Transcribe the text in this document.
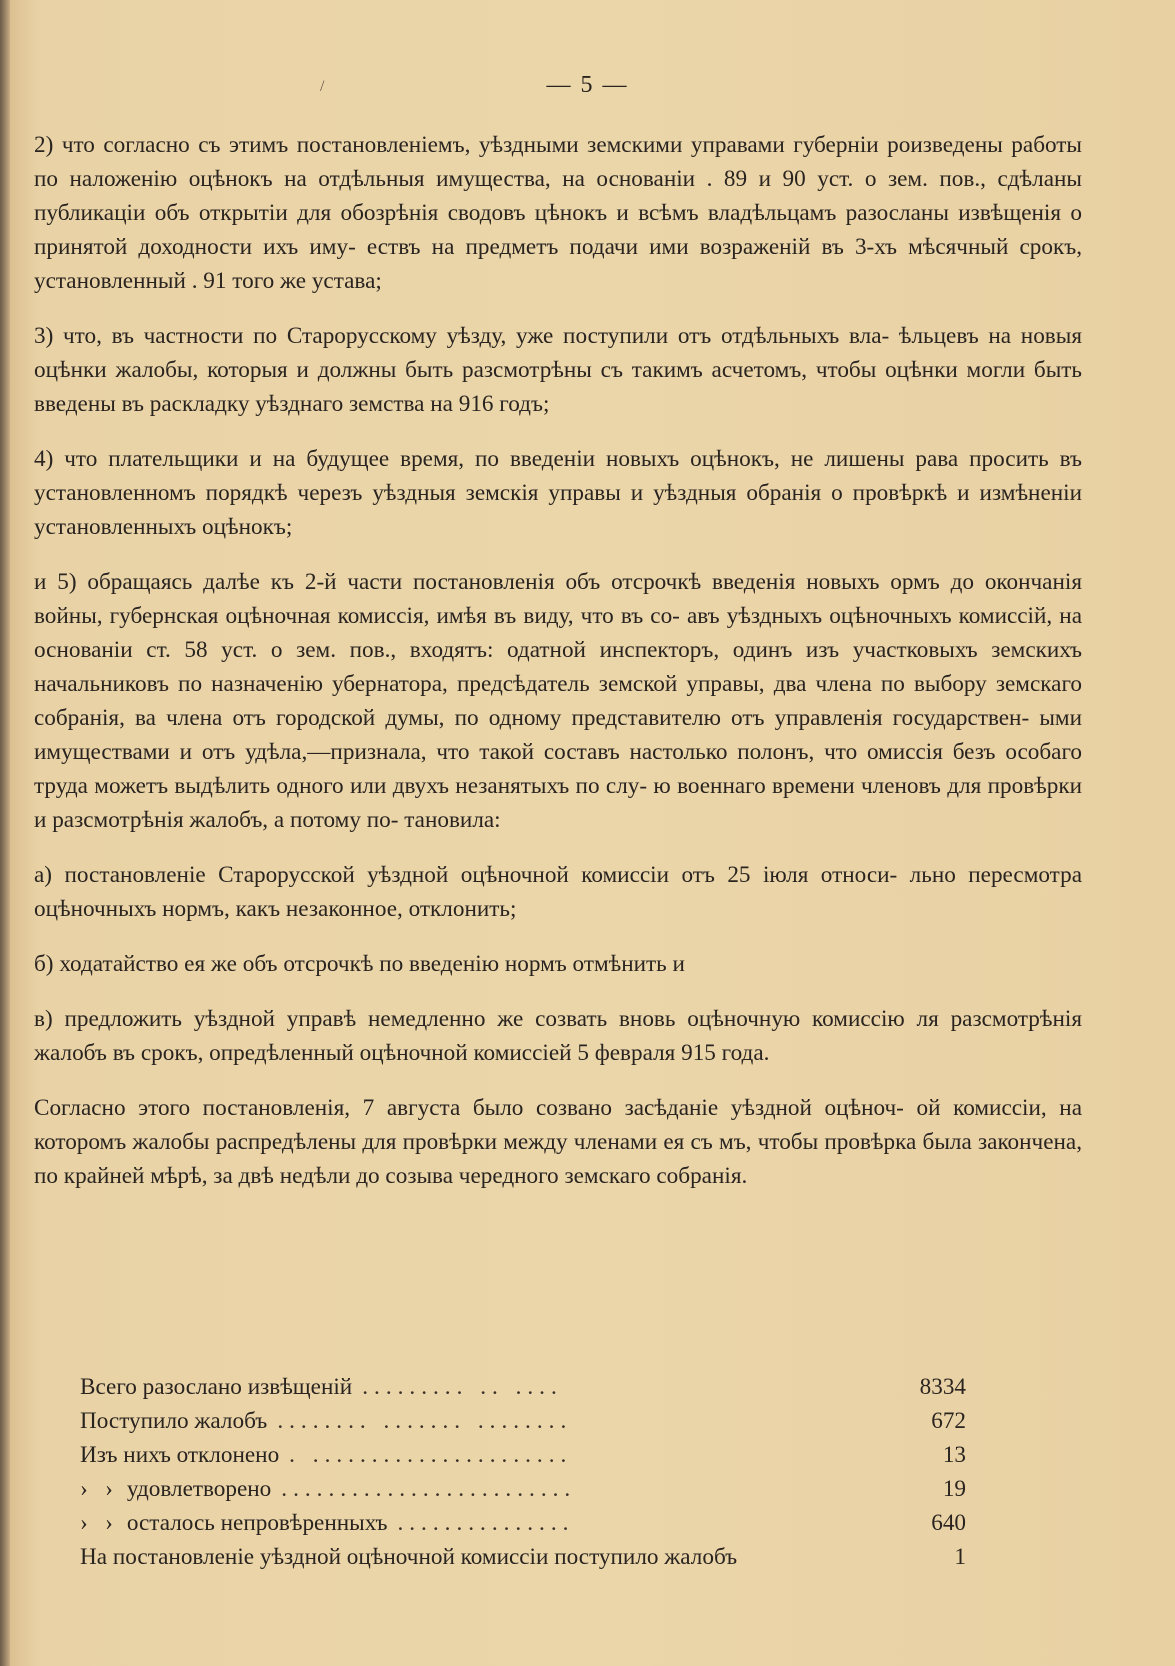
/	— 5 —

2) что согласно съ этимъ постановленіемъ, уѣздными земскими управами губерніи роизведены работы по наложенію оцѣнокъ на отдѣльныя имущества, на основаніи . 89 и 90 уст. о зем. пов., сдѣланы публикаціи объ открытіи для обозрѣнія сводовъ цѣнокъ и всѣмъ владѣльцамъ разосланы извѣщенія о принятой доходности ихъ иму- ествъ на предметъ подачи ими возраженій въ 3-хъ мѣсячный срокъ, установленный . 91 того же устава;

3) что, въ частности по Старорусскому уѣзду, уже поступили отъ отдѣльныхъ вла- ѣльцевъ на новыя оцѣнки жалобы, которыя и должны быть разсмотрѣны съ такимъ асчетомъ, чтобы оцѣнки могли быть введены въ раскладку уѣзднаго земства на 916 годъ;

4) что плательщики и на будущее время, по введеніи новыхъ оцѣнокъ, не лишены рава просить въ установленномъ порядкѣ черезъ уѣздныя земскія управы и уѣздныя обранія о провѣркѣ и измѣненіи установленныхъ оцѣнокъ;

и 5) обращаясь далѣе къ 2-й части постановленія объ отсрочкѣ введенія новыхъ ормъ до окончанія войны, губернская оцѣночная комиссія, имѣя въ виду, что въ со- авъ уѣздныхъ оцѣночныхъ комиссій, на основаніи ст. 58 уст. о зем. пов., входятъ: одатной инспекторъ, одинъ изъ участковыхъ земскихъ начальниковъ по назначенію убернатора, предсѣдатель земской управы, два члена по выбору земскаго собранія, ва члена отъ городской думы, по одному представителю отъ управленія государствен- ыми имуществами и отъ удѣла,—признала, что такой составъ настолько полонъ, что омиссія безъ особаго труда можетъ выдѣлить одного или двухъ незанятыхъ по слу- ю военнаго времени членовъ для провѣрки и разсмотрѣнія жалобъ, а потому по- тановила:

а) постановленіе Старорусской уѣздной оцѣночной комиссіи отъ 25 іюля относи- льно пересмотра оцѣночныхъ нормъ, какъ незаконное, отклонить;

б) ходатайство ея же объ отсрочкѣ по введенію нормъ отмѣнить и

в) предложить уѣздной управѣ немедленно же созвать вновь оцѣночную комиссію ля разсмотрѣнія жалобъ въ срокъ, опредѣленный оцѣночной комиссіей 5 февраля 915 года.

Согласно этого постановленія, 7 августа было созвано засѣданіе уѣздной оцѣноч- ой комиссіи, на которомъ жалобы распредѣлены для провѣрки между членами ея съ мъ, чтобы провѣрка была закончена, по крайней мѣрѣ, за двѣ недѣли до созыва чередного земскаго собранія.

Всего разослано извѣщеній ......... .. ....	8334
Поступило жалобъ ........ ....... ........	672
Изъ нихъ отклонено . ......................	13
›   › удовлетворено .........................	19
›   › осталось непровѣренныхъ ...............	640
На постановленіе уѣздной оцѣночной комиссіи поступило жалобъ	1
